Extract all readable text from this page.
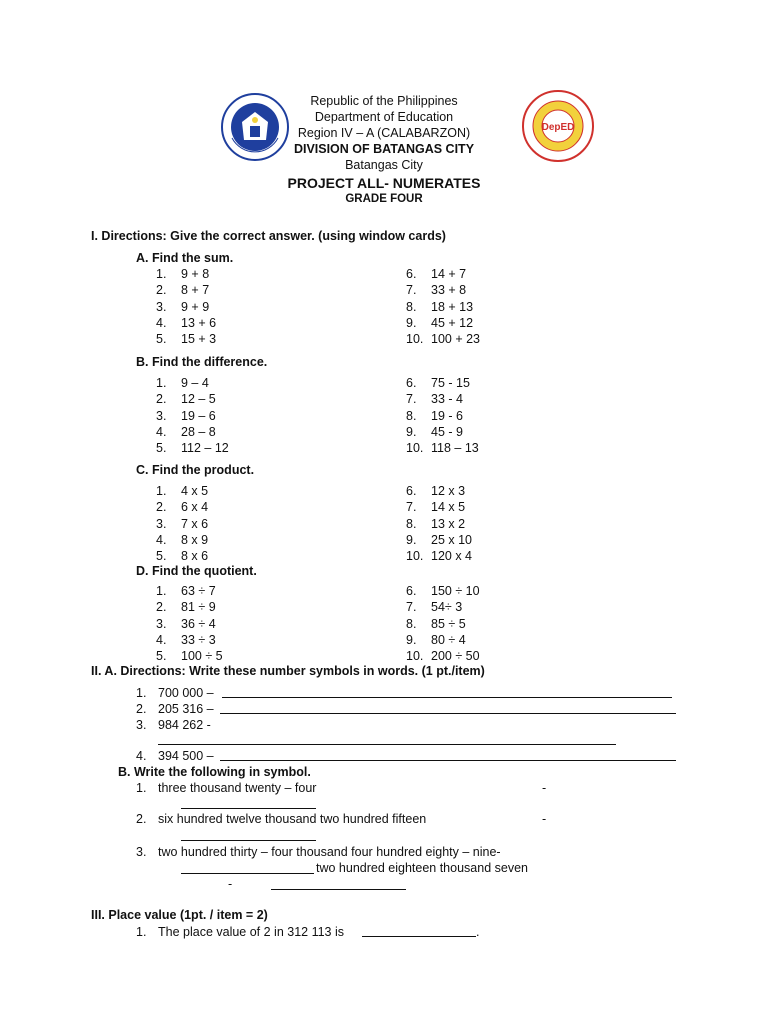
DepED
Republic of the Philippines
Department of Education
Region IV – A (CALABARZON)
DIVISION OF BATANGAS CITY
Batangas City
PROJECT ALL- NUMERATES
GRADE FOUR
I. Directions: Give the correct answer. (using window cards)
A. Find the sum.
1. 9 + 8
2. 8 + 7
3. 9 + 9
4. 13 + 6
5. 15 + 3
6. 14 + 7
7. 33 + 8
8. 18 + 13
9. 45 + 12
10. 100 + 23
B. Find the difference.
1. 9 – 4
2. 12 – 5
3. 19 – 6
4. 28 – 8
5. 112 – 12
6. 75 - 15
7. 33 - 4
8. 19 - 6
9. 45 - 9
10. 118 – 13
C. Find the product.
1. 4 x 5
2. 6 x 4
3. 7 x 6
4. 8 x 9
5. 8 x 6
6. 12 x 3
7. 14 x 5
8. 13 x 2
9. 25 x 10
10. 120 x 4
D. Find the quotient.
1. 63 ÷ 7
2. 81 ÷ 9
3. 36 ÷ 4
4. 33 ÷ 3
5. 100 ÷ 5
6. 150 ÷ 10
7. 54÷ 3
8. 85 ÷ 5
9. 80 ÷ 4
10. 200 ÷ 50
II. A. Directions: Write these number symbols in words. (1 pt./item)
1. 700 000 –
2. 205 316 –
3. 984 262 -
4. 394 500 –
B. Write the following in symbol.
1. three thousand twenty – four	-
2. six hundred twelve thousand two hundred fifteen	-
3. two hundred thirty – four thousand four hundred eighty – nine-
two hundred eighteen thousand seven
-
III. Place value (1pt. / item = 2)
1. The place value of 2 in 312 113 is	.
